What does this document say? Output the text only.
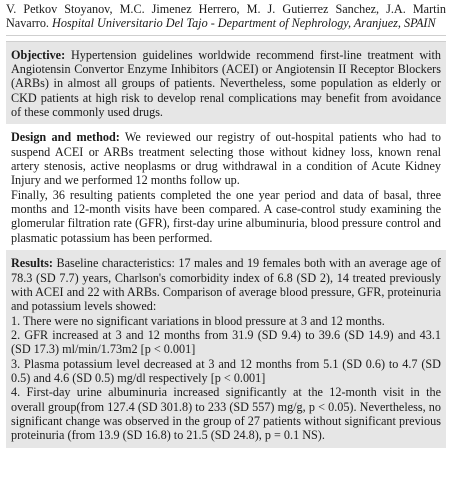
V. Petkov Stoyanov, M.C. Jimenez Herrero, M. J. Gutierrez Sanchez, J.A. Martin Navarro. Hospital Universitario Del Tajo - Department of Nephrology, Aranjuez, SPAIN

Objective: Hypertension guidelines worldwide recommend first-line treatment with Angiotensin Convertor Enzyme Inhibitors (ACEI) or Angiotensin II Receptor Blockers (ARBs) in almost all groups of patients. Nevertheless, some population as elderly or CKD patients at high risk to develop renal complications may benefit from avoidance of these commonly used drugs.

Design and method: We reviewed our registry of out-hospital patients who had to suspend ACEI or ARBs treatment selecting those without kidney loss, known renal artery stenosis, active neoplasms or drug withdrawal in a condition of Acute Kidney Injury and we performed 12 months follow up.

Finally, 36 resulting patients completed the one year period and data of basal, three months and 12-month visits have been compared. A case-control study examining the glomerular filtration rate (GFR), first-day urine albuminuria, blood pressure control and plasmatic potassium has been performed.

Results: Baseline characteristics: 17 males and 19 females both with an average age of 78.3 (SD 7.7) years, Charlson's comorbidity index of 6.8 (SD 2), 14 treated previously with ACEI and 22 with ARBs. Comparison of average blood pressure, GFR, proteinuria and potassium levels showed:

1. There were no significant variations in blood pressure at 3 and 12 months.

2. GFR increased at 3 and 12 months from 31.9 (SD 9.4) to 39.6 (SD 14.9) and 43.1 (SD 17.3) ml/min/1.73m2 [p < 0.001]

3. Plasma potassium level decreased at 3 and 12 months from 5.1 (SD 0.6) to 4.7 (SD 0.5) and 4.6 (SD 0.5) mg/dl respectively [p < 0.001]

4. First-day urine albuminuria increased significantly at the 12-month visit in the overall group(from 127.4 (SD 301.8) to 233 (SD 557) mg/g, p < 0.05). Nevertheless, no significant change was observed in the group of 27 patients without significant previous proteinuria (from 13.9 (SD 16.8) to 21.5 (SD 24.8), p = 0.1 NS).
